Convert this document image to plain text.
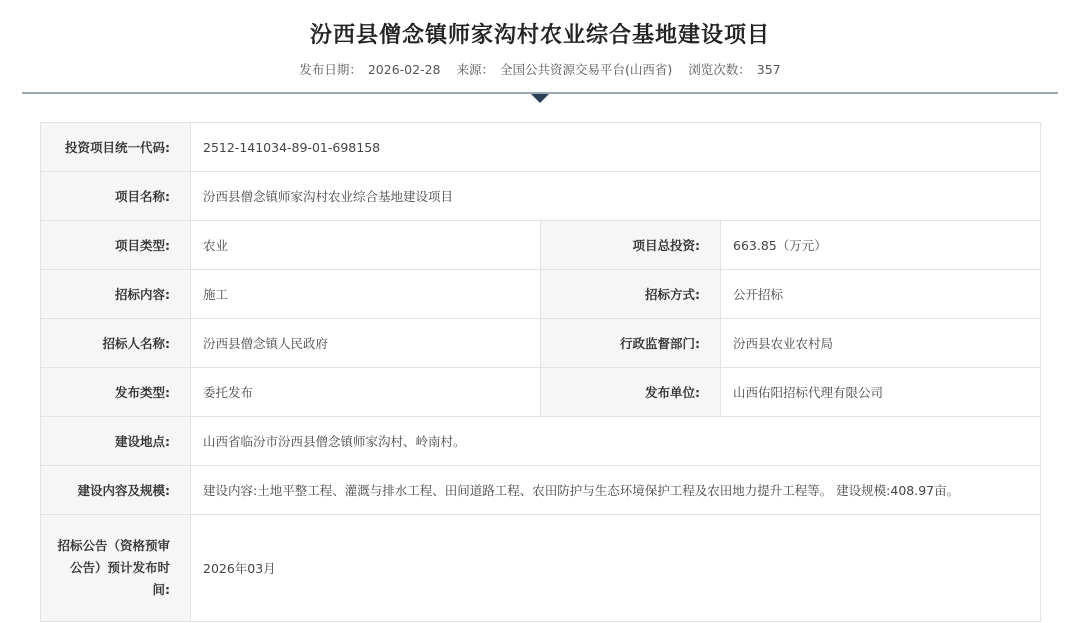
汾西县僧念镇师家沟村农业综合基地建设项目
发布日期： 2026-02-28 来源： 全国公共资源交易平台(山西省) 浏览次数： 357
投资项目统一代码:	2512-141034-89-01-698158		
项目名称:	汾西县僧念镇师家沟村农业综合基地建设项目		
项目类型:	农业	项目总投资:	663.85（万元）
招标内容:	施工	招标方式:	公开招标
招标人名称:	汾西县僧念镇人民政府	行政监督部门:	汾西县农业农村局
发布类型:	委托发布	发布单位:	山西佑阳招标代理有限公司
建设地点:	山西省临汾市汾西县僧念镇师家沟村、岭南村。		
建设内容及规模:	建设内容:土地平整工程、灌溉与排水工程、田间道路工程、农田防护与生态环境保护工程及农田地力提升工程等。 建设规模:408.97亩。		

招标公告（资格预审
公告）预计发布时
间:	2026年03月		
